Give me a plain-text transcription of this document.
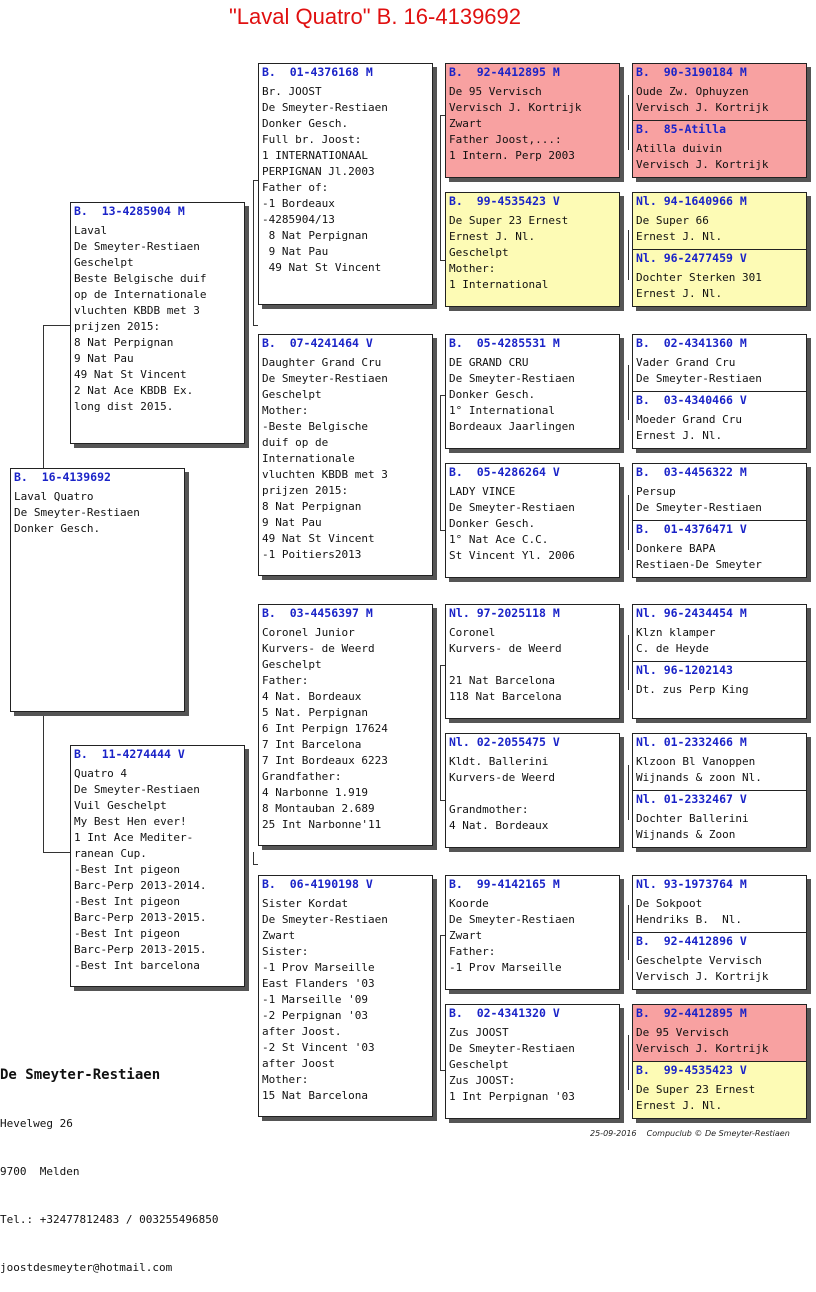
"Laval Quatro" B. 16-4139692
B.  16-4139692
Laval Quatro
De Smeyter-Restiaen
Donker Gesch.
B.  13-4285904 M
Laval
De Smeyter-Restiaen
Geschelpt
Beste Belgische duif
op de Internationale
vluchten KBDB met 3
prijzen 2015:
8 Nat Perpignan
9 Nat Pau
49 Nat St Vincent
2 Nat Ace KBDB Ex.
long dist 2015.
B.  11-4274444 V
Quatro 4
De Smeyter-Restiaen
Vuil Geschelpt
My Best Hen ever!
1 Int Ace Mediter-
ranean Cup.
-Best Int pigeon
Barc-Perp 2013-2014.
-Best Int pigeon
Barc-Perp 2013-2015.
-Best Int pigeon
Barc-Perp 2013-2015.
-Best Int barcelona
B.  01-4376168 M
Br. JOOST
De Smeyter-Restiaen
Donker Gesch.
Full br. Joost:
1 INTERNATIONAAL
PERPIGNAN Jl.2003
Father of:
-1 Bordeaux
-4285904/13
8 Nat Perpignan
9 Nat Pau
49 Nat St Vincent
B.  07-4241464 V
Daughter Grand Cru
De Smeyter-Restiaen
Geschelpt
Mother:
-Beste Belgische
duif op de
Internationale
vluchten KBDB met 3
prijzen 2015:
8 Nat Perpignan
9 Nat Pau
49 Nat St Vincent
-1 Poitiers2013
B.  03-4456397 M
Coronel Junior
Kurvers- de Weerd
Geschelpt
Father:
4 Nat. Bordeaux
5 Nat. Perpignan
6 Int Perpign 17624
7 Int Barcelona
7 Int Bordeaux 6223
Grandfather:
4 Narbonne 1.919
8 Montauban 2.689
25 Int Narbonne'11
B.  06-4190198 V
Sister Kordat
De Smeyter-Restiaen
Zwart
Sister:
-1 Prov Marseille
East Flanders '03
-1 Marseille '09
-2 Perpignan '03
after Joost.
-2 St Vincent '03
after Joost
Mother:
15 Nat Barcelona
B.  92-4412895 M
De 95 Vervisch
Vervisch J. Kortrijk
Zwart
Father Joost,...:
1 Intern. Perp 2003
B.  99-4535423 V
De Super 23 Ernest
Ernest J. Nl.
Geschelpt
Mother:
1 International
B.  05-4285531 M
DE GRAND CRU
De Smeyter-Restiaen
Donker Gesch.
1° International
Bordeaux Jaarlingen
B.  05-4286264 V
LADY VINCE
De Smeyter-Restiaen
Donker Gesch.
1° Nat Ace C.C.
St Vincent Yl. 2006
Nl. 97-2025118 M
Coronel
Kurvers- de Weerd

21 Nat Barcelona
118 Nat Barcelona
Nl. 02-2055475 V
Kldt. Ballerini
Kurvers-de Weerd

Grandmother:
4 Nat. Bordeaux
B.  99-4142165 M
Koorde
De Smeyter-Restiaen
Zwart
Father:
-1 Prov Marseille
B.  02-4341320 V
Zus JOOST
De Smeyter-Restiaen
Geschelpt
Zus JOOST:
1 Int Perpignan '03
B.  90-3190184 M
Oude Zw. Ophuyzen
Vervisch J. Kortrijk
B.  85-Atilla
Atilla duivin
Vervisch J. Kortrijk
Nl. 94-1640966 M
De Super 66
Ernest J. Nl.
Nl. 96-2477459 V
Dochter Sterken 301
Ernest J. Nl.
B.  02-4341360 M
Vader Grand Cru
De Smeyter-Restiaen
B.  03-4340466 V
Moeder Grand Cru
Ernest J. Nl.
B.  03-4456322 M
Persup
De Smeyter-Restiaen
B.  01-4376471 V
Donkere BAPA
Restiaen-De Smeyter
Nl. 96-2434454 M
Klzn klamper
C. de Heyde
Nl. 96-1202143
Dt. zus Perp King
Nl. 01-2332466 M
Klzoon Bl Vanoppen
Wijnands & zoon Nl.
Nl. 01-2332467 V
Dochter Ballerini
Wijnands & Zoon
Nl. 93-1973764 M
De Sokpoot
Hendriks B.  Nl.
B.  92-4412896 V
Geschelpte Vervisch
Vervisch J. Kortrijk
B.  92-4412895 M
De 95 Vervisch
Vervisch J. Kortrijk
B.  99-4535423 V
De Super 23 Ernest
Ernest J. Nl.

De Smeyter-Restiaen

Hevelweg 26

9700  Melden

Tel.: +32477812483 / 003255496850

joostdesmeyter@hotmail.com

25-09-2016    Compuclub © De Smeyter-Restiaen
